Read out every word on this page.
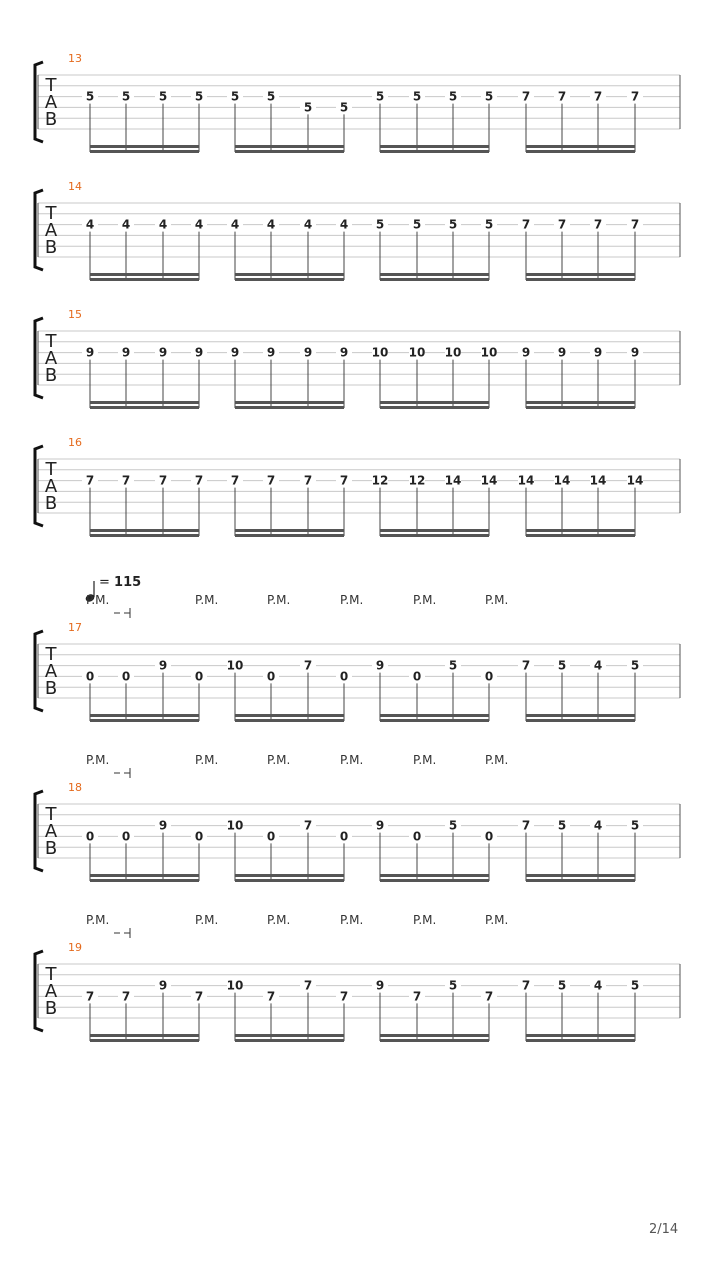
T
A
B
13
5 5 5 5 5 5
5 5
5 5 5 5 7 7 7 7
T
A
B
14
4 4 4 4 4 4 4 4 5 5 5 5 7 7 7 7
T
A
B
15
9 9 9 9 9 9 9 9 10 10 10 10 9 9 9 9
T
A
B
16
7 7 7 7 7 7 7 7 12 12 14 14 14 14 14 14
T
A
B
17
0 0
9
0
10
0
7
0
9
0
5
0
7 5 4 5
= 115
P.M.	P.M.	P.M.	P.M.	P.M.	P.M.
T
A
B
18
0 0
9
0
10
0
7
0
9
0
5
0
7 5 4 5
P.M.	P.M.	P.M.	P.M.	P.M.	P.M.
T
A
B
19
7 7
9
7
10
7
7
7
9
7
5
7
7 5 4 5
P.M.	P.M.	P.M.	P.M.	P.M.	P.M.
2/14
